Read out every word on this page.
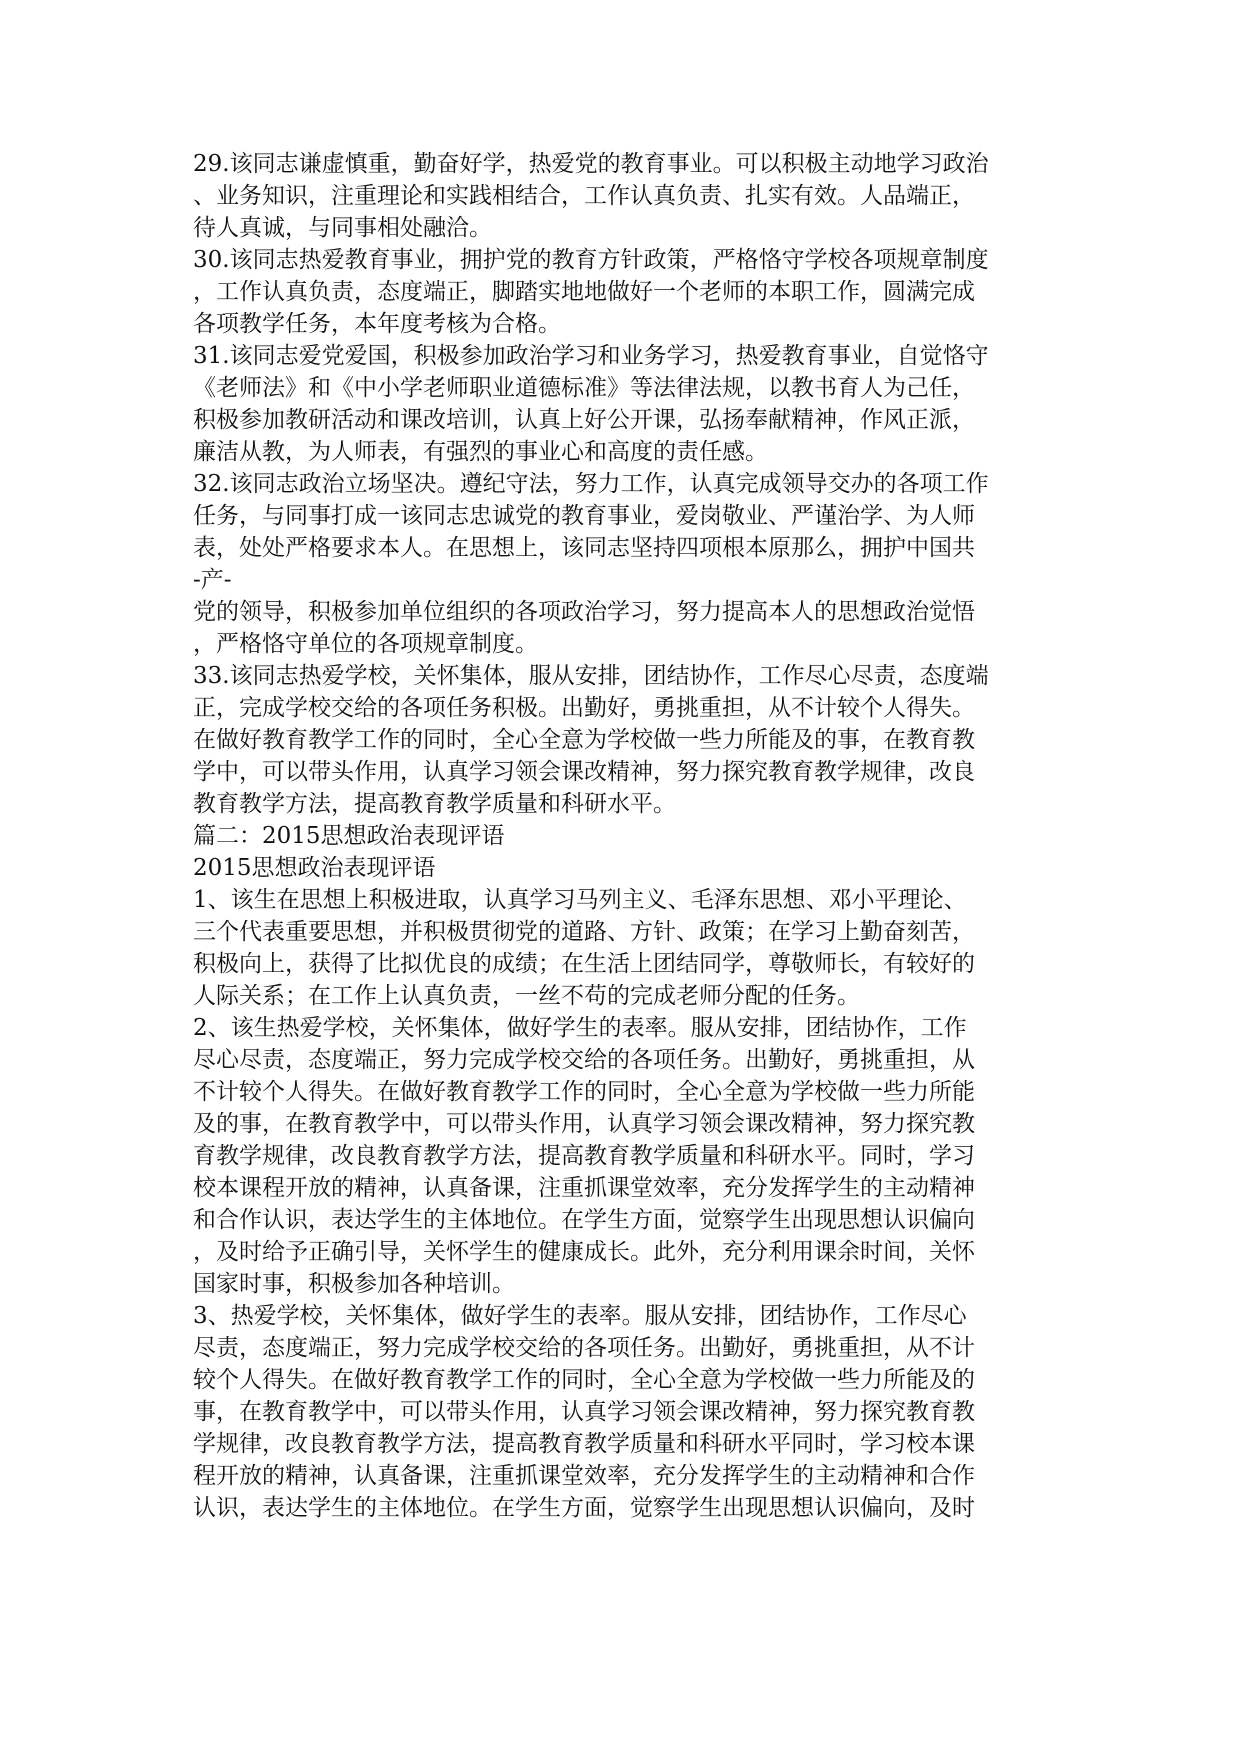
29.该同志谦虚慎重，勤奋好学，热爱党的教育事业。可以积极主动地学习政治
、业务知识，注重理论和实践相结合，工作认真负责、扎实有效。人品端正，
待人真诚，与同事相处融洽。
30.该同志热爱教育事业，拥护党的教育方针政策，严格恪守学校各项规章制度
，工作认真负责，态度端正，脚踏实地地做好一个老师的本职工作，圆满完成
各项教学任务，本年度考核为合格。
31.该同志爱党爱国，积极参加政治学习和业务学习，热爱教育事业，自觉恪守
《老师法》和《中小学老师职业道德标准》等法律法规，以教书育人为己任，
积极参加教研活动和课改培训，认真上好公开课，弘扬奉献精神，作风正派，
廉洁从教，为人师表，有强烈的事业心和高度的责任感。
32.该同志政治立场坚决。遵纪守法，努力工作，认真完成领导交办的各项工作
任务，与同事打成一该同志忠诚党的教育事业，爱岗敬业、严谨治学、为人师
表，处处严格要求本人。在思想上，该同志坚持四项根本原那么，拥护中国共
-产-
党的领导，积极参加单位组织的各项政治学习，努力提高本人的思想政治觉悟
，严格恪守单位的各项规章制度。
33.该同志热爱学校，关怀集体，服从安排，团结协作，工作尽心尽责，态度端
正，完成学校交给的各项任务积极。出勤好，勇挑重担，从不计较个人得失。
在做好教育教学工作的同时，全心全意为学校做一些力所能及的事，在教育教
学中，可以带头作用，认真学习领会课改精神，努力探究教育教学规律，改良
教育教学方法，提高教育教学质量和科研水平。
篇二：2015思想政治表现评语
2015思想政治表现评语
1、该生在思想上积极进取，认真学习马列主义、毛泽东思想、邓小平理论、
三个代表重要思想，并积极贯彻党的道路、方针、政策；在学习上勤奋刻苦，
积极向上，获得了比拟优良的成绩；在生活上团结同学，尊敬师长，有较好的
人际关系；在工作上认真负责，一丝不苟的完成老师分配的任务。
2、该生热爱学校，关怀集体，做好学生的表率。服从安排，团结协作，工作
尽心尽责，态度端正，努力完成学校交给的各项任务。出勤好，勇挑重担，从
不计较个人得失。在做好教育教学工作的同时，全心全意为学校做一些力所能
及的事，在教育教学中，可以带头作用，认真学习领会课改精神，努力探究教
育教学规律，改良教育教学方法，提高教育教学质量和科研水平。同时，学习
校本课程开放的精神，认真备课，注重抓课堂效率，充分发挥学生的主动精神
和合作认识，表达学生的主体地位。在学生方面，觉察学生出现思想认识偏向
，及时给予正确引导，关怀学生的健康成长。此外，充分利用课余时间，关怀
国家时事，积极参加各种培训。
3、热爱学校，关怀集体，做好学生的表率。服从安排，团结协作，工作尽心
尽责，态度端正，努力完成学校交给的各项任务。出勤好，勇挑重担，从不计
较个人得失。在做好教育教学工作的同时，全心全意为学校做一些力所能及的
事，在教育教学中，可以带头作用，认真学习领会课改精神，努力探究教育教
学规律，改良教育教学方法，提高教育教学质量和科研水平同时，学习校本课
程开放的精神，认真备课，注重抓课堂效率，充分发挥学生的主动精神和合作
认识，表达学生的主体地位。在学生方面，觉察学生出现思想认识偏向，及时
